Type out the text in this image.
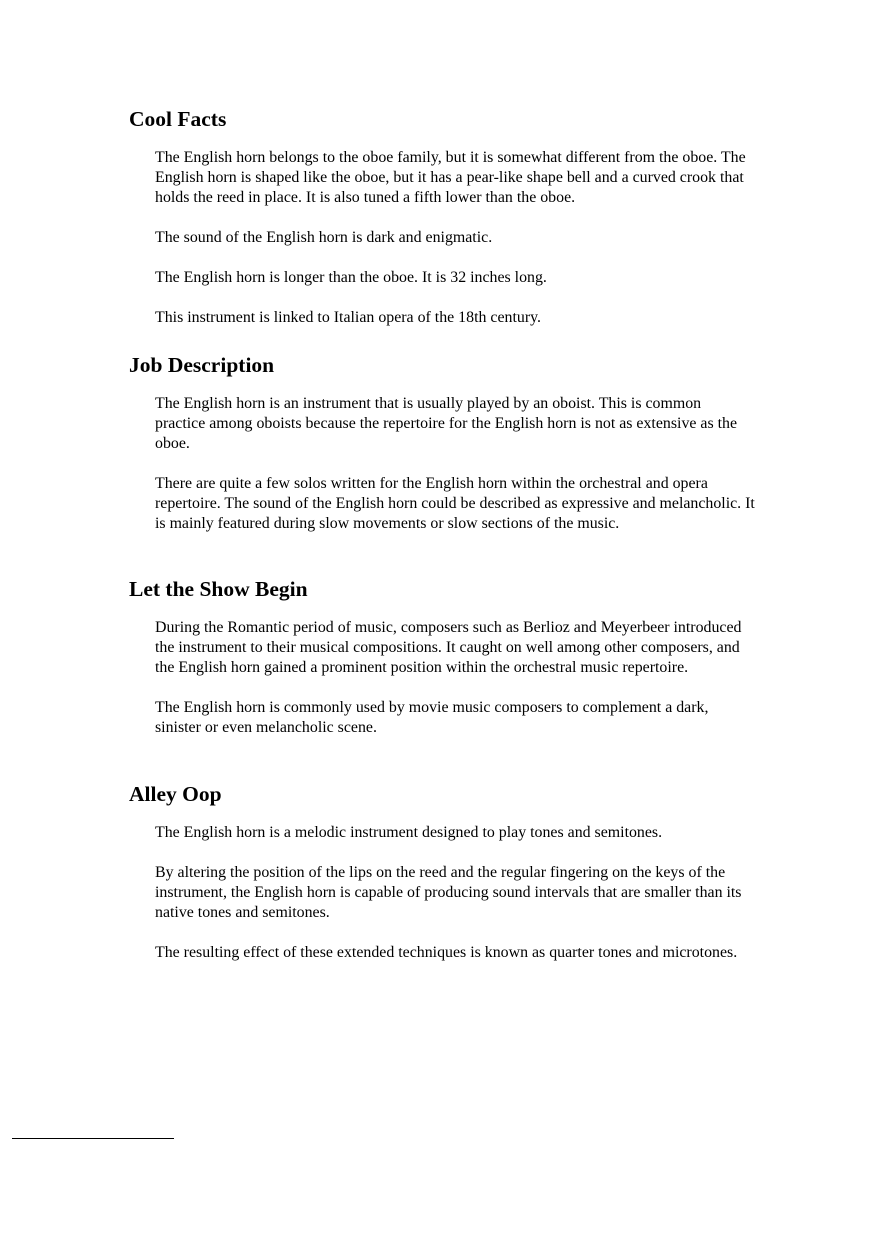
Cool Facts

The English horn belongs to the oboe family, but it is somewhat different from the oboe. The English horn is shaped like the oboe, but it has a pear-like shape bell and a curved crook that holds the reed in place. It is also tuned a fifth lower than the oboe.

The sound of the English horn is dark and enigmatic.

The English horn is longer than the oboe. It is 32 inches long.

This instrument is linked to Italian opera of the 18th century.

Job Description

The English horn is an instrument that is usually played by an oboist. This is common practice among oboists because the repertoire for the English horn is not as extensive as the oboe.

There are quite a few solos written for the English horn within the orchestral and opera repertoire. The sound of the English horn could be described as expressive and melancholic. It is mainly featured during slow movements or slow sections of the music.

Let the Show Begin

During the Romantic period of music, composers such as Berlioz and Meyerbeer introduced the instrument to their musical compositions. It caught on well among other composers, and the English horn gained a prominent position within the orchestral music repertoire.

The English horn is commonly used by movie music composers to complement a dark, sinister or even melancholic scene.

Alley Oop

The English horn is a melodic instrument designed to play tones and semitones.

By altering the position of the lips on the reed and the regular fingering on the keys of the instrument, the English horn is capable of producing sound intervals that are smaller than its native tones and semitones.

The resulting effect of these extended techniques is known as quarter tones and microtones.
